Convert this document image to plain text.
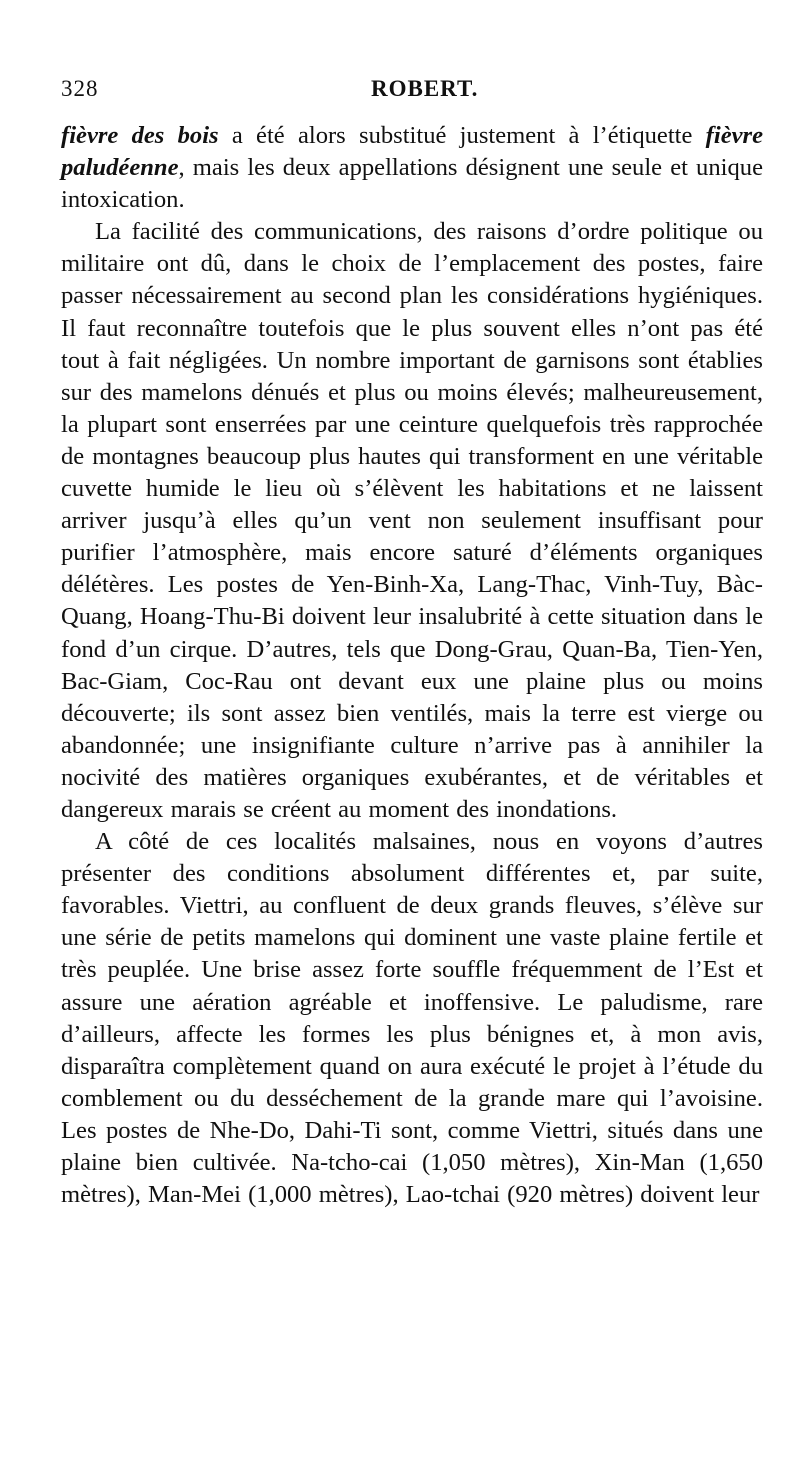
328	ROBERT.

fièvre des bois a été alors substitué justement à l’étiquette fièvre paludéenne, mais les deux appellations désignent une seule et unique intoxication.

La facilité des communications, des raisons d’ordre politique ou militaire ont dû, dans le choix de l’emplacement des postes, faire passer nécessairement au second plan les considérations hygiéniques. Il faut reconnaître toutefois que le plus souvent elles n’ont pas été tout à fait négligées. Un nombre important de garnisons sont établies sur des mamelons dénués et plus ou moins élevés; malheureusement, la plupart sont enserrées par une ceinture quelquefois très rapprochée de montagnes beaucoup plus hautes qui transforment en une véritable cuvette humide le lieu où s’élèvent les habitations et ne laissent arriver jusqu’à elles qu’un vent non seulement insuffisant pour purifier l’atmosphère, mais encore saturé d’éléments organiques délétères. Les postes de Yen-Binh-Xa, Lang-Thac, Vinh-Tuy, Bàc-Quang, Hoang-Thu-Bi doivent leur insalubrité à cette situation dans le fond d’un cirque. D’autres, tels que Dong-Grau, Quan-Ba, Tien-Yen, Bac-Giam, Coc-Rau ont devant eux une plaine plus ou moins découverte; ils sont assez bien ventilés, mais la terre est vierge ou abandonnée; une insignifiante culture n’arrive pas à annihiler la nocivité des matières organiques exubérantes, et de véritables et dangereux marais se créent au moment des inondations.

A côté de ces localités malsaines, nous en voyons d’autres présenter des conditions absolument différentes et, par suite, favorables. Viettri, au confluent de deux grands fleuves, s’élève sur une série de petits mamelons qui dominent une vaste plaine fertile et très peuplée. Une brise assez forte souffle fréquemment de l’Est et assure une aération agréable et inoffensive. Le paludisme, rare d’ailleurs, affecte les formes les plus bénignes et, à mon avis, disparaîtra complètement quand on aura exécuté le projet à l’étude du comblement ou du desséchement de la grande mare qui l’avoisine. Les postes de Nhe-Do, Dahi-Ti sont, comme Viettri, situés dans une plaine bien cultivée. Na-tcho-cai (1,050 mètres), Xin-Man (1,650 mètres), Man-Mei (1,000 mètres), Lao-tchai (920 mètres) doivent leur
